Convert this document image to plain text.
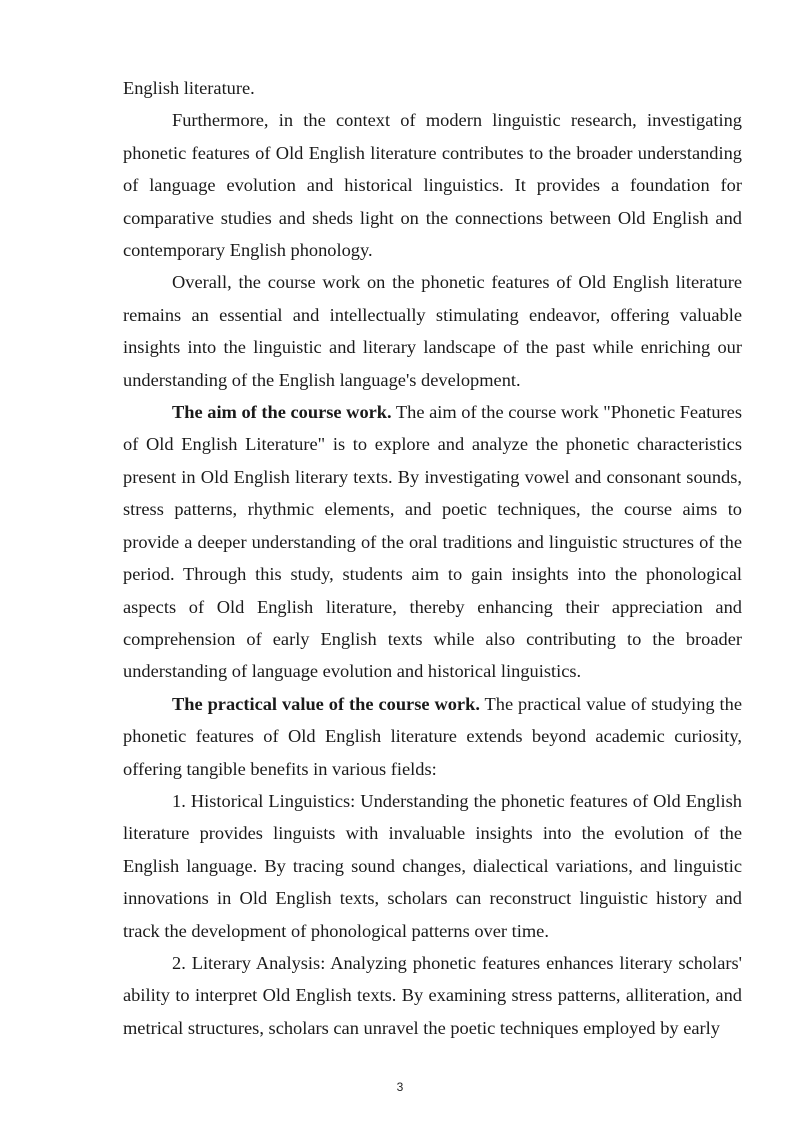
English literature.

Furthermore, in the context of modern linguistic research, investigating phonetic features of Old English literature contributes to the broader understanding of language evolution and historical linguistics. It provides a foundation for comparative studies and sheds light on the connections between Old English and contemporary English phonology.

Overall, the course work on the phonetic features of Old English literature remains an essential and intellectually stimulating endeavor, offering valuable insights into the linguistic and literary landscape of the past while enriching our understanding of the English language's development.

The aim of the course work. The aim of the course work "Phonetic Features of Old English Literature" is to explore and analyze the phonetic characteristics present in Old English literary texts. By investigating vowel and consonant sounds, stress patterns, rhythmic elements, and poetic techniques, the course aims to provide a deeper understanding of the oral traditions and linguistic structures of the period. Through this study, students aim to gain insights into the phonological aspects of Old English literature, thereby enhancing their appreciation and comprehension of early English texts while also contributing to the broader understanding of language evolution and historical linguistics.

The practical value of the course work. The practical value of studying the phonetic features of Old English literature extends beyond academic curiosity, offering tangible benefits in various fields:

1. Historical Linguistics: Understanding the phonetic features of Old English literature provides linguists with invaluable insights into the evolution of the English language. By tracing sound changes, dialectical variations, and linguistic innovations in Old English texts, scholars can reconstruct linguistic history and track the development of phonological patterns over time.

2. Literary Analysis: Analyzing phonetic features enhances literary scholars' ability to interpret Old English texts. By examining stress patterns, alliteration, and metrical structures, scholars can unravel the poetic techniques employed by early

3
